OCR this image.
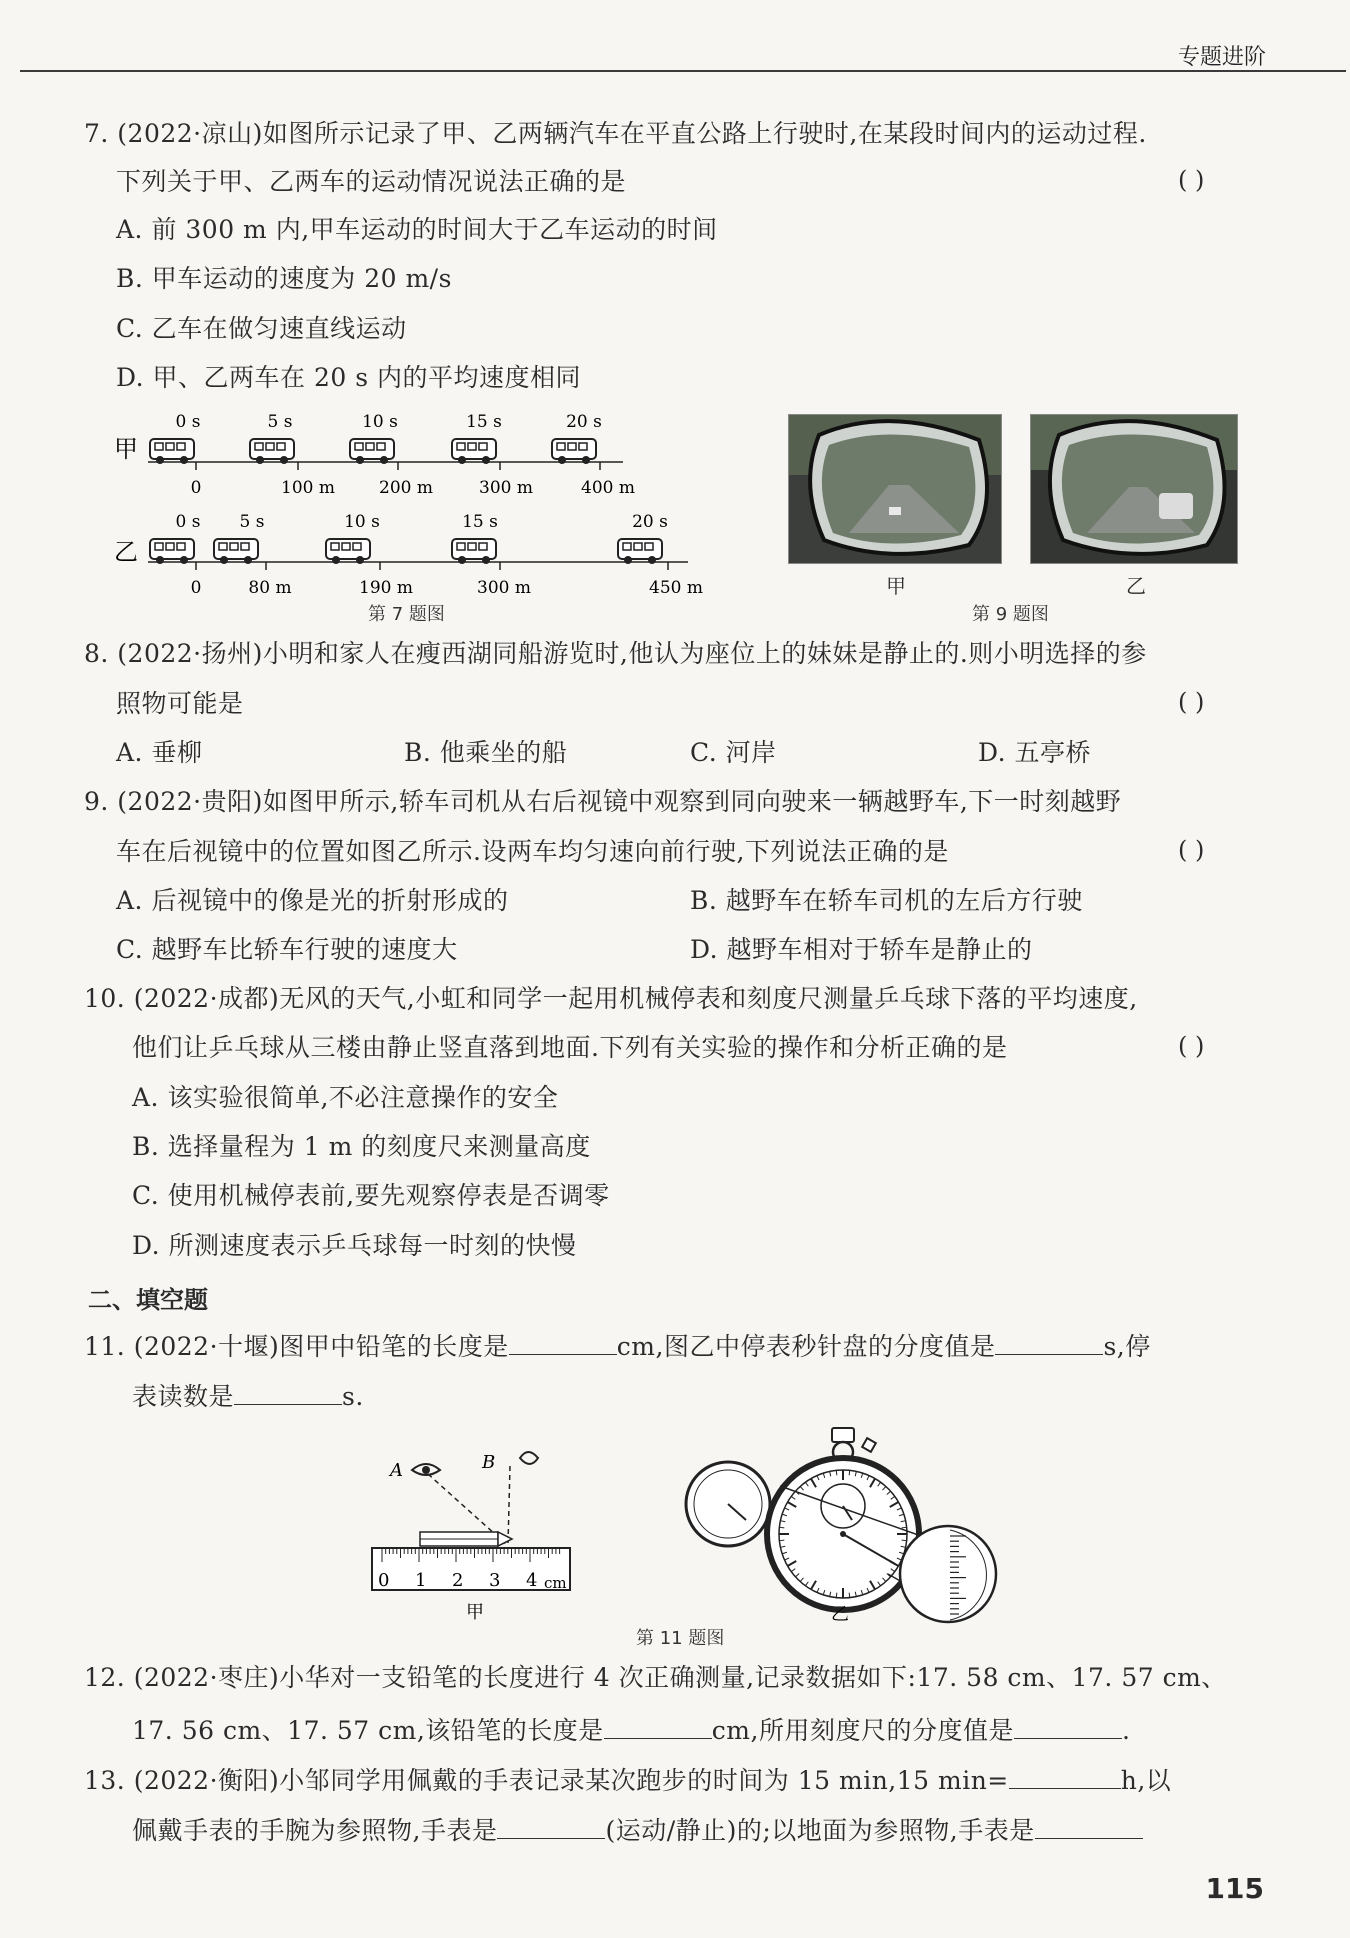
专题进阶
7. (2022·凉山)如图所示记录了甲、乙两辆汽车在平直公路上行驶时,在某段时间内的运动过程.
下列关于甲、乙两车的运动情况说法正确的是	( )
A. 前 300 m 内,甲车运动的时间大于乙车运动的时间
B. 甲车运动的速度为 20 m/s
C. 乙车在做匀速直线运动
D. 甲、乙两车在 20 s 内的平均速度相同
甲
0 s	5 s	10 s	15 s	20 s
0	100 m	200 m	300 m	400 m
乙
0 s 5 s	10 s	15 s	20 s
0	80 m	190 m	300 m	450 m
第 7 题图
甲	乙
第 9 题图
8. (2022·扬州)小明和家人在瘦西湖同船游览时,他认为座位上的妹妹是静止的.则小明选择的参
照物可能是	( )
A. 垂柳	B. 他乘坐的船	C. 河岸	D. 五亭桥
9. (2022·贵阳)如图甲所示,轿车司机从右后视镜中观察到同向驶来一辆越野车,下一时刻越野
车在后视镜中的位置如图乙所示.设两车均匀速向前行驶,下列说法正确的是	( )
A. 后视镜中的像是光的折射形成的	B. 越野车在轿车司机的左后方行驶
C. 越野车比轿车行驶的速度大	D. 越野车相对于轿车是静止的
10. (2022·成都)无风的天气,小虹和同学一起用机械停表和刻度尺测量乒乓球下落的平均速度,
他们让乒乓球从三楼由静止竖直落到地面.下列有关实验的操作和分析正确的是	( )
A. 该实验很简单,不必注意操作的安全
B. 选择量程为 1 m 的刻度尺来测量高度
C. 使用机械停表前,要先观察停表是否调零
D. 所测速度表示乒乓球每一时刻的快慢
二、填空题
11. (2022·十堰)图甲中铅笔的长度是	cm,图乙中停表秒针盘的分度值是	s,停
表读数是	s.
A	B
0 1 2 3 4 cm
甲	乙
第 11 题图
12. (2022·枣庄)小华对一支铅笔的长度进行 4 次正确测量,记录数据如下:17. 58 cm、17. 57 cm、
17. 56 cm、17. 57 cm,该铅笔的长度是	cm,所用刻度尺的分度值是	.
13. (2022·衡阳)小邹同学用佩戴的手表记录某次跑步的时间为 15 min,15 min=	h,以
佩戴手表的手腕为参照物,手表是	(运动/静止)的;以地面为参照物,手表是
115
